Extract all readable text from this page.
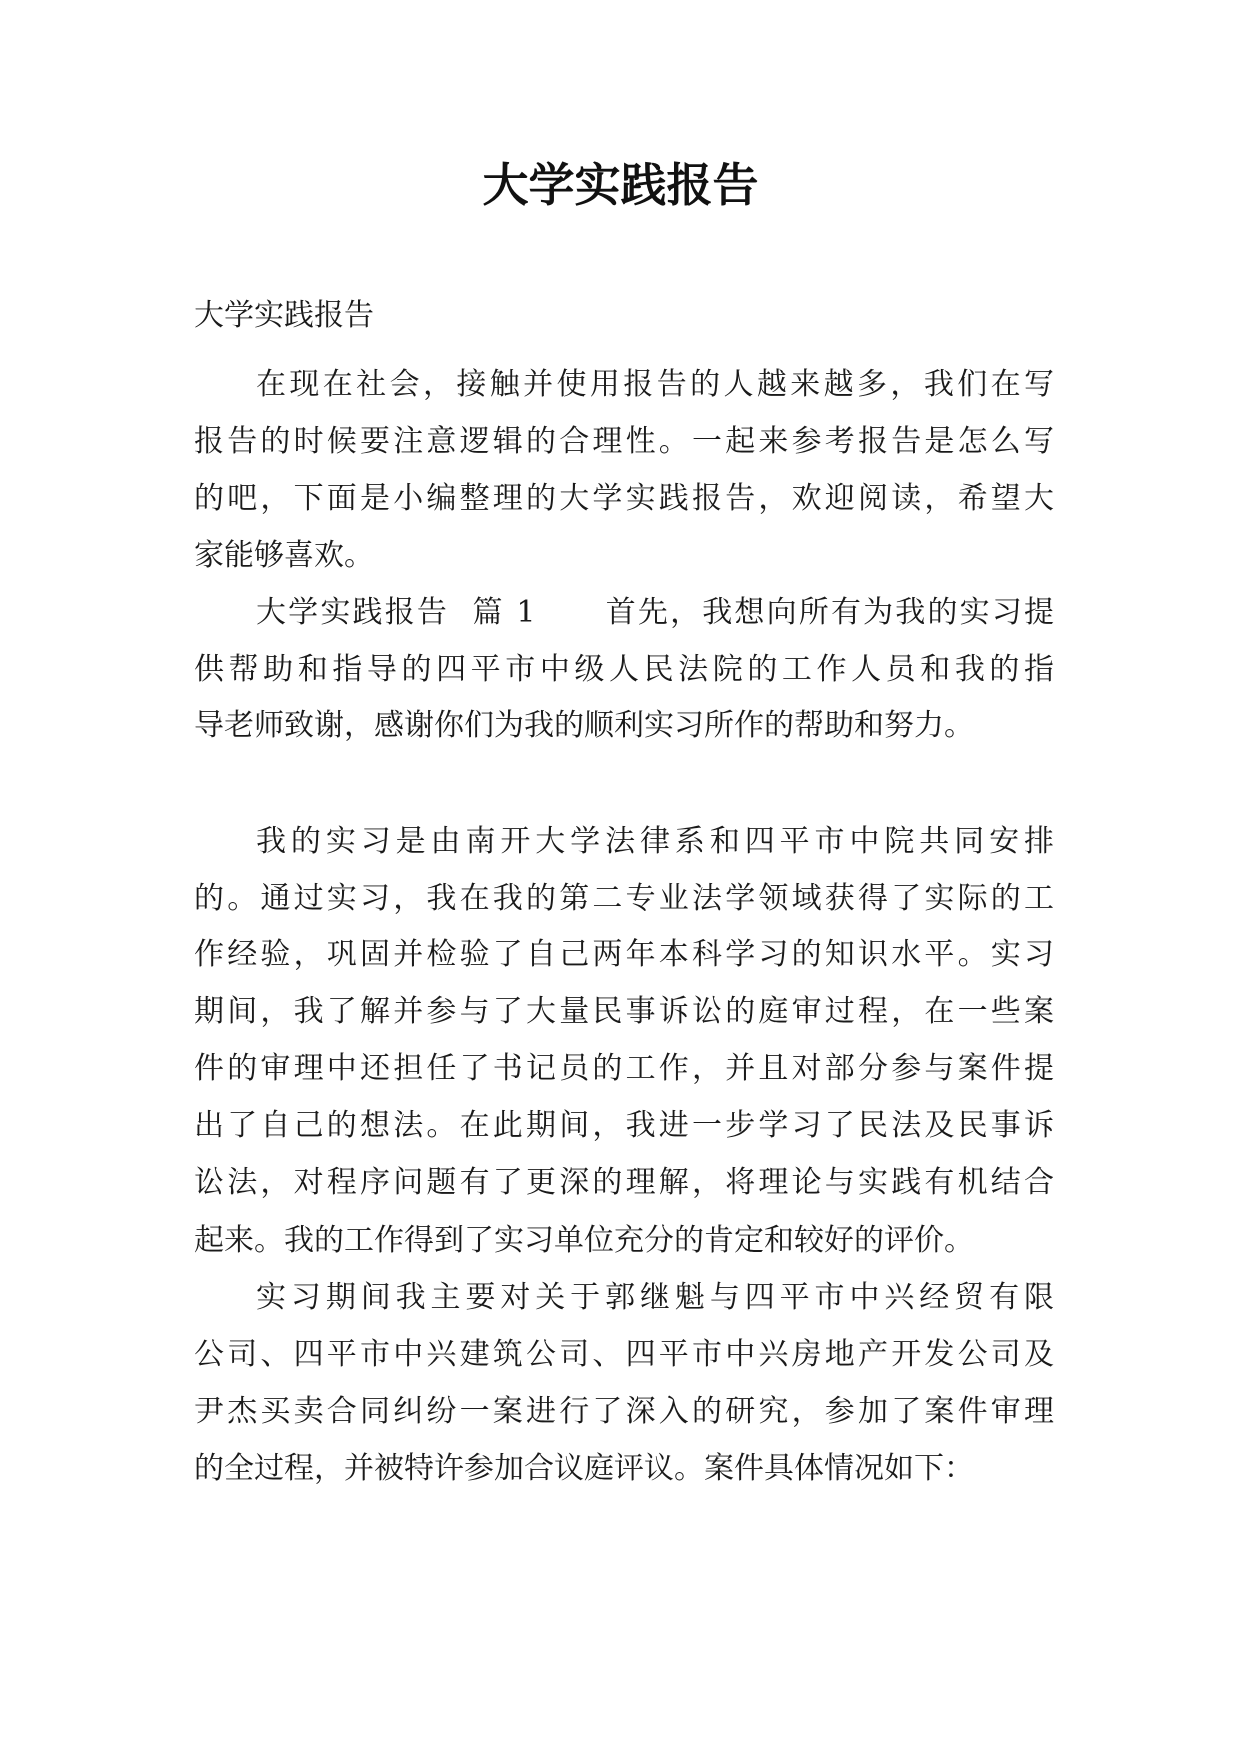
大学实践报告
大学实践报告
在现在社会，接触并使用报告的人越来越多，我们在写
报告的时候要注意逻辑的合理性。一起来参考报告是怎么写
的吧，下面是小编整理的大学实践报告，欢迎阅读，希望大
家能够喜欢。
大学实践报告  篇 1      首先，我想向所有为我的实习提
供帮助和指导的四平市中级人民法院的工作人员和我的指
导老师致谢，感谢你们为我的顺利实习所作的帮助和努力。
我的实习是由南开大学法律系和四平市中院共同安排
的。通过实习，我在我的第二专业法学领域获得了实际的工
作经验，巩固并检验了自己两年本科学习的知识水平。实习
期间，我了解并参与了大量民事诉讼的庭审过程，在一些案
件的审理中还担任了书记员的工作，并且对部分参与案件提
出了自己的想法。在此期间，我进一步学习了民法及民事诉
讼法，对程序问题有了更深的理解，将理论与实践有机结合
起来。我的工作得到了实习单位充分的肯定和较好的评价。
实习期间我主要对关于郭继魁与四平市中兴经贸有限
公司、四平市中兴建筑公司、四平市中兴房地产开发公司及
尹杰买卖合同纠纷一案进行了深入的研究，参加了案件审理
的全过程，并被特许参加合议庭评议。案件具体情况如下：
